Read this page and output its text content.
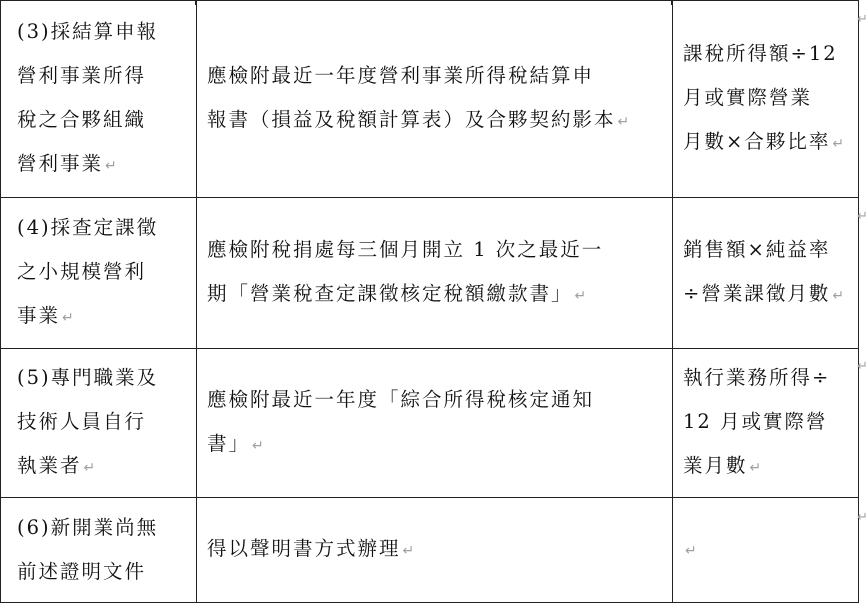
(3)採結算申報
營利事業所得
稅之合夥組織
營利事業 ↵	應檢附最近一年度營利事業所得稅結算申
報書（損益及稅額計算表）及合夥契約影本 ↵	課稅所得額÷12
月或實際營業
月數×合夥比率 ↵
(4)採查定課徵
之小規模營利
事業 ↵	應檢附稅捐處每三個月開立 1 次之最近一
期「營業稅查定課徵核定稅額繳款書」 ↵	銷售額×純益率
÷營業課徵月數 ↵
(5)專門職業及
技術人員自行
執業者 ↵	應檢附最近一年度「綜合所得稅核定通知
書」 ↵	執行業務所得÷
12 月或實際營
業月數 ↵
(6)新開業尚無
前述證明文件	得以聲明書方式辦理 ↵	↵
↵
↵
↵
↵
